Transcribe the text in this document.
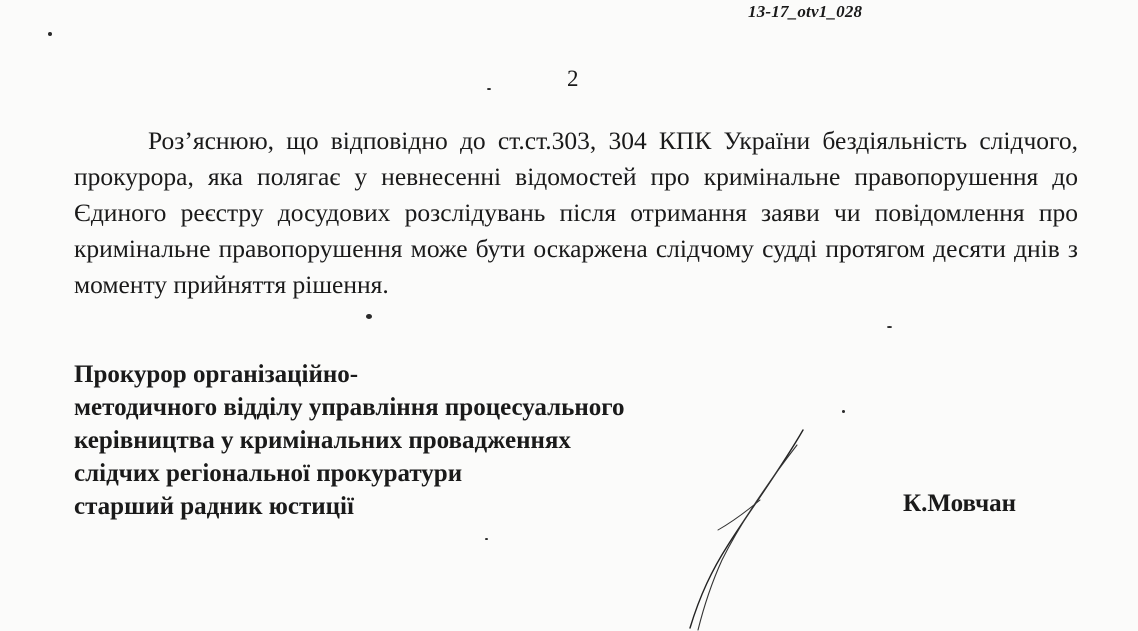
13-17_otv1_028
2

Роз’яснюю, що відповідно до ст.ст.303, 304 КПК України бездіяльність слідчого, прокурора, яка полягає у невнесенні відомостей про кримінальне правопорушення до Єдиного реєстру досудових розслідувань після отримання заяви чи повідомлення про кримінальне правопорушення може бути оскаржена слідчому судді протягом десяти днів з моменту прийняття рішення.

Прокурор організаційно-
методичного відділу управління процесуального
керівництва у кримінальних провадженнях
слідчих регіональної прокуратури
старший радник юстиції	К.Мовчан
